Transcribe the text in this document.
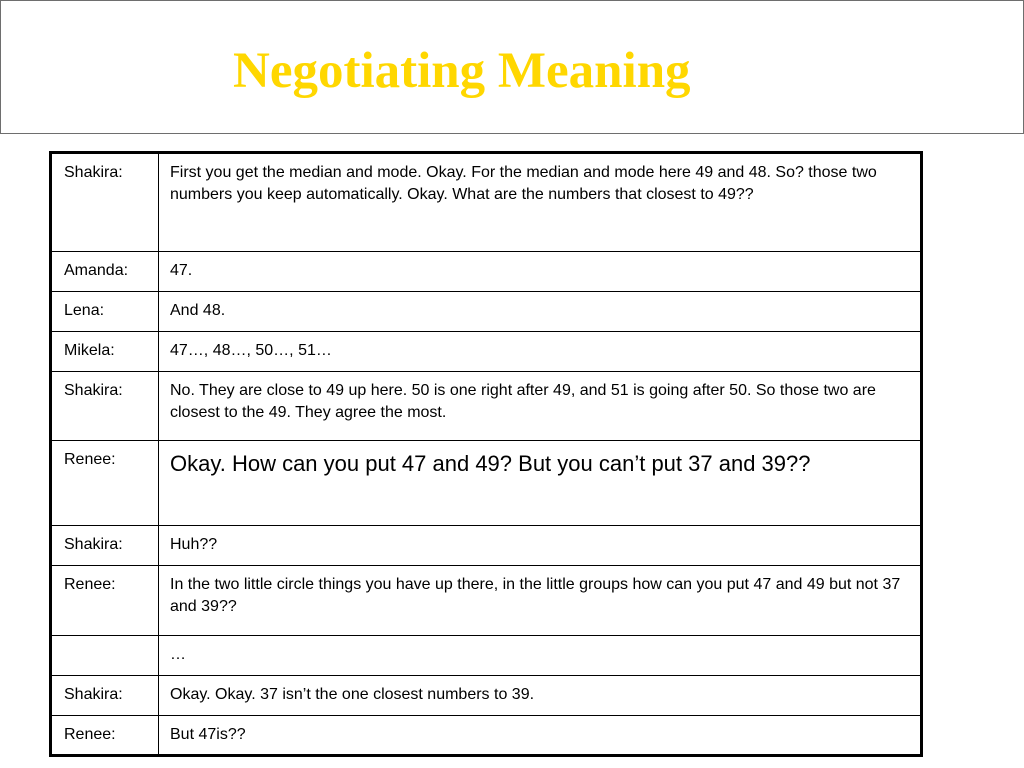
Negotiating Meaning
Shakira:	First you get the median and mode. Okay. For the median and mode here 49 and 48. So? those two numbers you keep automatically. Okay. What are the numbers that closest to 49??
Amanda:	47.
Lena:	And 48.
Mikela:	47…, 48…, 50…, 51…
Shakira:	No. They are close to 49 up here. 50 is one right after 49, and 51 is going after 50. So those two are closest to the 49. They agree the most.
Renee:	Okay. How can you put 47 and 49? But you can’t put 37 and 39??
Shakira:	Huh??
Renee:	In the two little circle things you have up there, in the little groups how can you put 47 and 49 but not 37 and 39??
	…
Shakira:	Okay. Okay. 37 isn’t the one closest numbers to 39.
Renee:	But 47is??
